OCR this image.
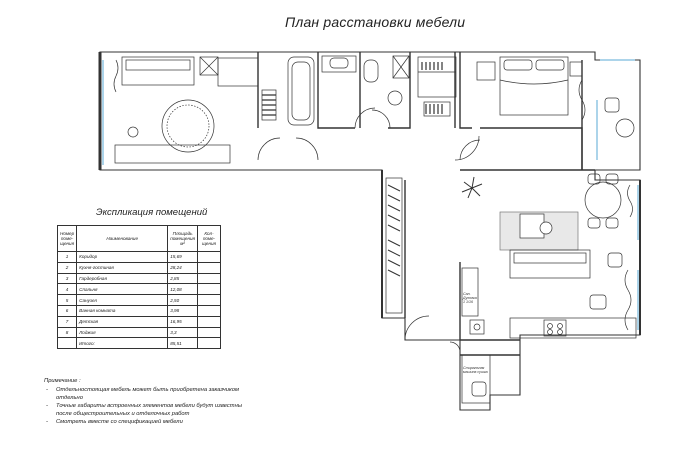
План расстановки мебели
Экспликация помещений
Номер поме-щения	Наименование	Площадь помещения м²	Кол-поме-щения
1	Коридор	15,69	
2	Кухня-гостиная	28,24	
3	Гардеробная	2,85	
4	Спальня	12,08	
5	Санузел	2,50	
6	Ванная комната	3,98	
7	Детская	16,95	
8	Лоджия	3,3	
	Итого:	85,51	
Примечание :
- Отдельностоящая мебель может быть приобретена заказчиком отдельно
- Точные габариты встроенных элементов мебели будут известны после общестроительных и отделочных работ
- Смотреть вместе со спецификацией мебели
Сан. Духовка 1 1/16
Стиральная машина сушка
